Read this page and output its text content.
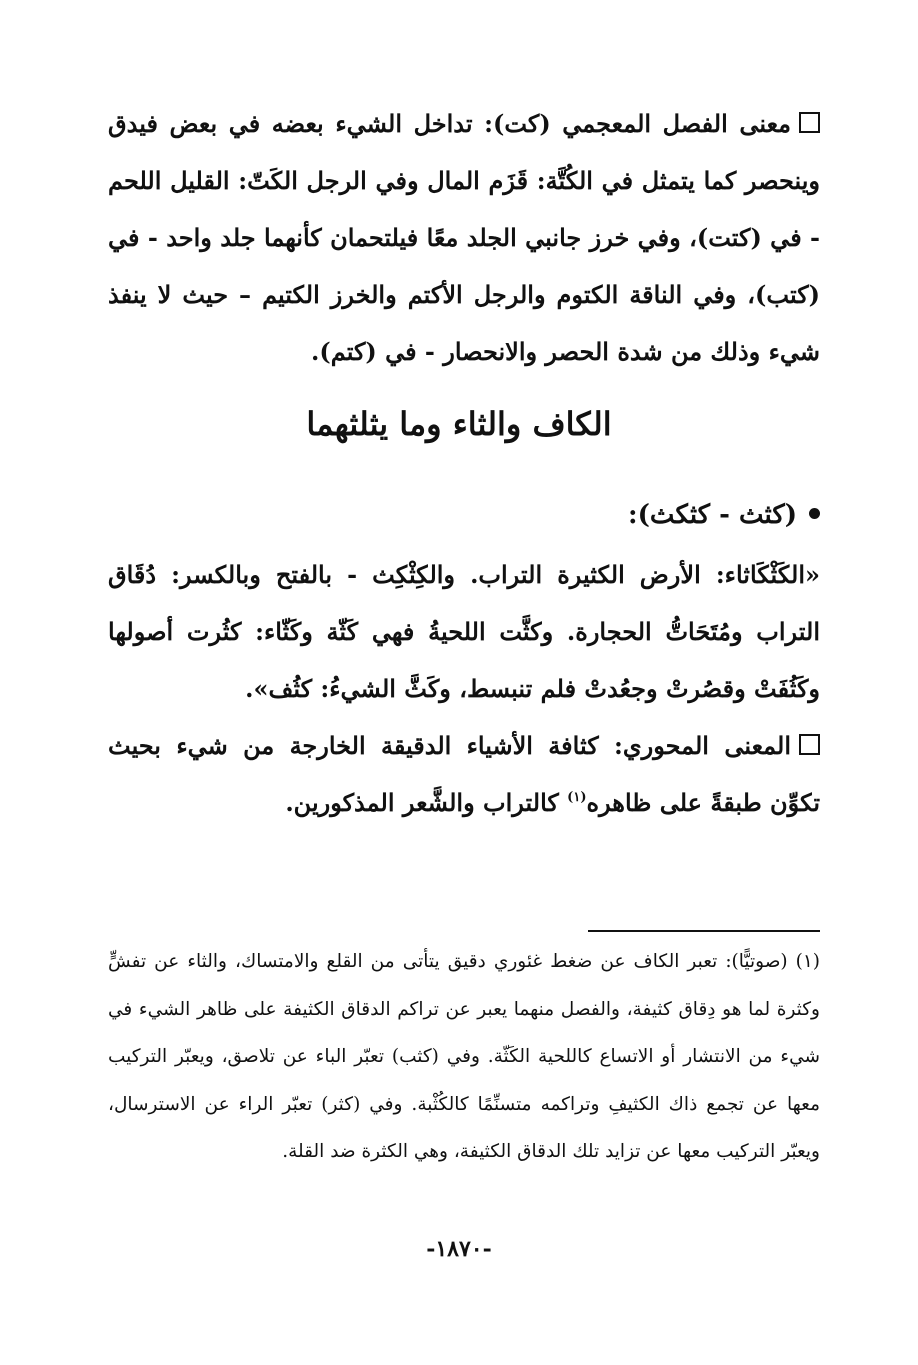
معنى الفصل المعجمي (كت): تداخل الشيء بعضه في بعض فيدق وينحصر كما يتمثل في الكُتَّة: قَزَم المال وفي الرجل الكَتّ: القليل اللحم - في (كتت)، وفي خرز جانبي الجلد معًا فيلتحمان كأنهما جلد واحد - في (كتب)، وفي الناقة الكتوم والرجل الأكتم والخرز الكتيم – حيث لا ينفذ شيء وذلك من شدة الحصر والانحصار - في (كتم).
الكاف والثاء وما يثلثهما
(كثث - كثكث):
«الكَثْكَاثاء: الأرض الكثيرة التراب. والكِثْكِث - بالفتح وبالكسر: دُقَاق التراب ومُتَحَاتُّ الحجارة. وكثَّت اللحيةُ فهي كَثّة وكَثّاء: كثُرت أصولها وكَثُفَتْ وقصُرتْ وجعُدتْ فلم تنبسط، وكَثَّ الشيءُ: كثُف».
المعنى المحوري: كثافة الأشياء الدقيقة الخارجة من شيء بحيث تكوِّن طبقةً على ظاهره$^{(١)}$ كالتراب والشَّعر المذكورين.
(١)(صوتيًّا): تعبر الكاف عن ضغط غئوري دقيق يتأتى من القلع والامتساك، والثاء عن تفشٍّ وكثرة لما هو دِقاق كثيفة، والفصل منهما يعبر عن تراكم الدقاق الكثيفة على ظاهر الشيء في شيء من الانتشار أو الاتساع كاللحية الكَثّة. وفي (كثب) تعبّر الباء عن تلاصق، ويعبّر التركيب معها عن تجمع ذاك الكثيفِ وتراكمه متسنِّمًا كالكُثْبة. وفي (كثر) تعبّر الراء عن الاسترسال، ويعبّر التركيب معها عن تزايد تلك الدقاق الكثيفة، وهي الكثرة ضد القلة.
-١٨٧٠-
